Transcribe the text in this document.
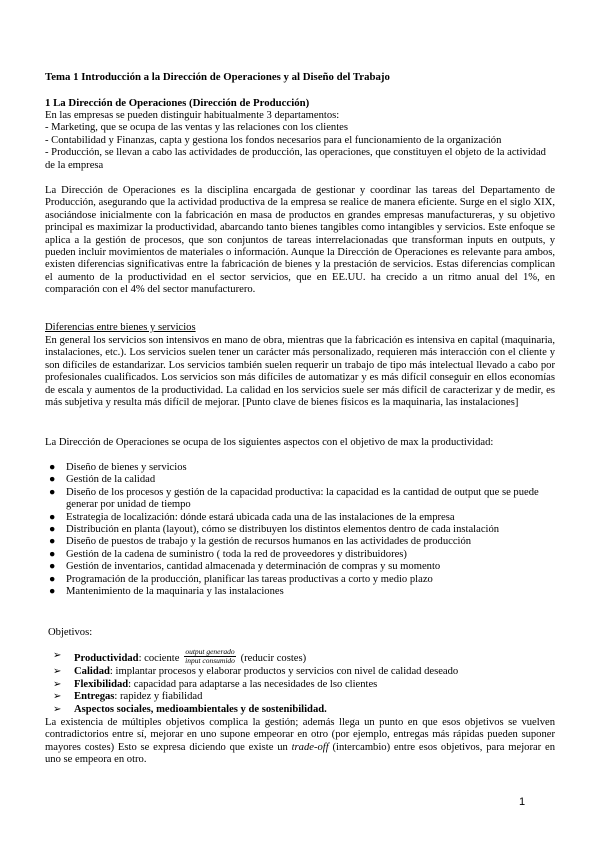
Tema 1 Introducción a la Dirección de Operaciones y al Diseño del Trabajo
1 La Dirección de Operaciones (Dirección de Producción)
En las empresas se pueden distinguir habitualmente 3 departamentos:
- Marketing, que se ocupa de las ventas y las relaciones con los clientes
- Contabilidad y Finanzas, capta y gestiona los fondos necesarios para el funcionamiento de la organización
- Producción, se llevan a cabo las actividades de producción, las operaciones, que constituyen el objeto de la actividad de la empresa
La Dirección de Operaciones es la disciplina encargada de gestionar y coordinar las tareas del Departamento de Producción, asegurando que la actividad productiva de la empresa se realice de manera eficiente. Surge en el siglo XIX, asociándose inicialmente con la fabricación en masa de productos en grandes empresas manufactureras, y su objetivo principal es maximizar la productividad, abarcando tanto bienes tangibles como intangibles y servicios. Este enfoque se aplica a la gestión de procesos, que son conjuntos de tareas interrelacionadas que transforman inputs en outputs, y pueden incluir movimientos de materiales o información. Aunque la Dirección de Operaciones es relevante para ambos, existen diferencias significativas entre la fabricación de bienes y la prestación de servicios. Estas diferencias complican el aumento de la productividad en el sector servicios, que en EE.UU. ha crecido a un ritmo anual del 1%, en comparación con el 4% del sector manufacturero.
Diferencias entre bienes y servicios
En general los servicios son intensivos en mano de obra, mientras que la fabricación es intensiva en capital (maquinaria, instalaciones, etc.). Los servicios suelen tener un carácter más personalizado, requieren más interacción con el cliente y son difíciles de estandarizar. Los servicios también suelen requerir un trabajo de tipo más intelectual llevado a cabo por profesionales cualificados. Los servicios son más difíciles de automatizar y es más difícil conseguir en ellos economías de escala y aumentos de la productividad. La calidad en los servicios suele ser más difícil de caracterizar y de medir, es más subjetiva y resulta más difícil de mejorar. [Punto clave de bienes físicos es la maquinaria, las instalaciones]
La Dirección de Operaciones se ocupa de los siguientes aspectos con el objetivo de max la productividad:
● Diseño de bienes y servicios
● Gestión de la calidad
● Diseño de los procesos y gestión de la capacidad productiva: la capacidad es la cantidad de output que se puede generar por unidad de tiempo
● Estrategia de localización: dónde estará ubicada cada una de las instalaciones de la empresa
● Distribución en planta (layout), cómo se distribuyen los distintos elementos dentro de cada instalación
● Diseño de puestos de trabajo y la gestión de recursos humanos en las actividades de producción
● Gestión de la cadena de suministro ( toda la red de proveedores y distribuidores)
● Gestión de inventarios, cantidad almacenada y determinación de compras y su momento
● Programación de la producción, planificar las tareas productivas a corto y medio plazo
● Mantenimiento de la maquinaria y las instalaciones
Objetivos:
➢ Productividad: cociente $\frac{\text{output generado}}{\text{input consumido}}$ (reducir costes)
➢ Calidad: implantar procesos y elaborar productos y servicios con nivel de calidad deseado
➢ Flexibilidad: capacidad para adaptarse a las necesidades de lso clientes
➢ Entregas: rapidez y fiabilidad
➢ Aspectos sociales, medioambientales y de sostenibilidad.
La existencia de múltiples objetivos complica la gestión; además llega un punto en que esos objetivos se vuelven contradictorios entre sí, mejorar en uno supone empeorar en otro (por ejemplo, entregas más rápidas pueden suponer mayores costes) Esto se expresa diciendo que existe un trade-off (intercambio) entre esos objetivos, para mejorar en uno se empeora en otro.
1
